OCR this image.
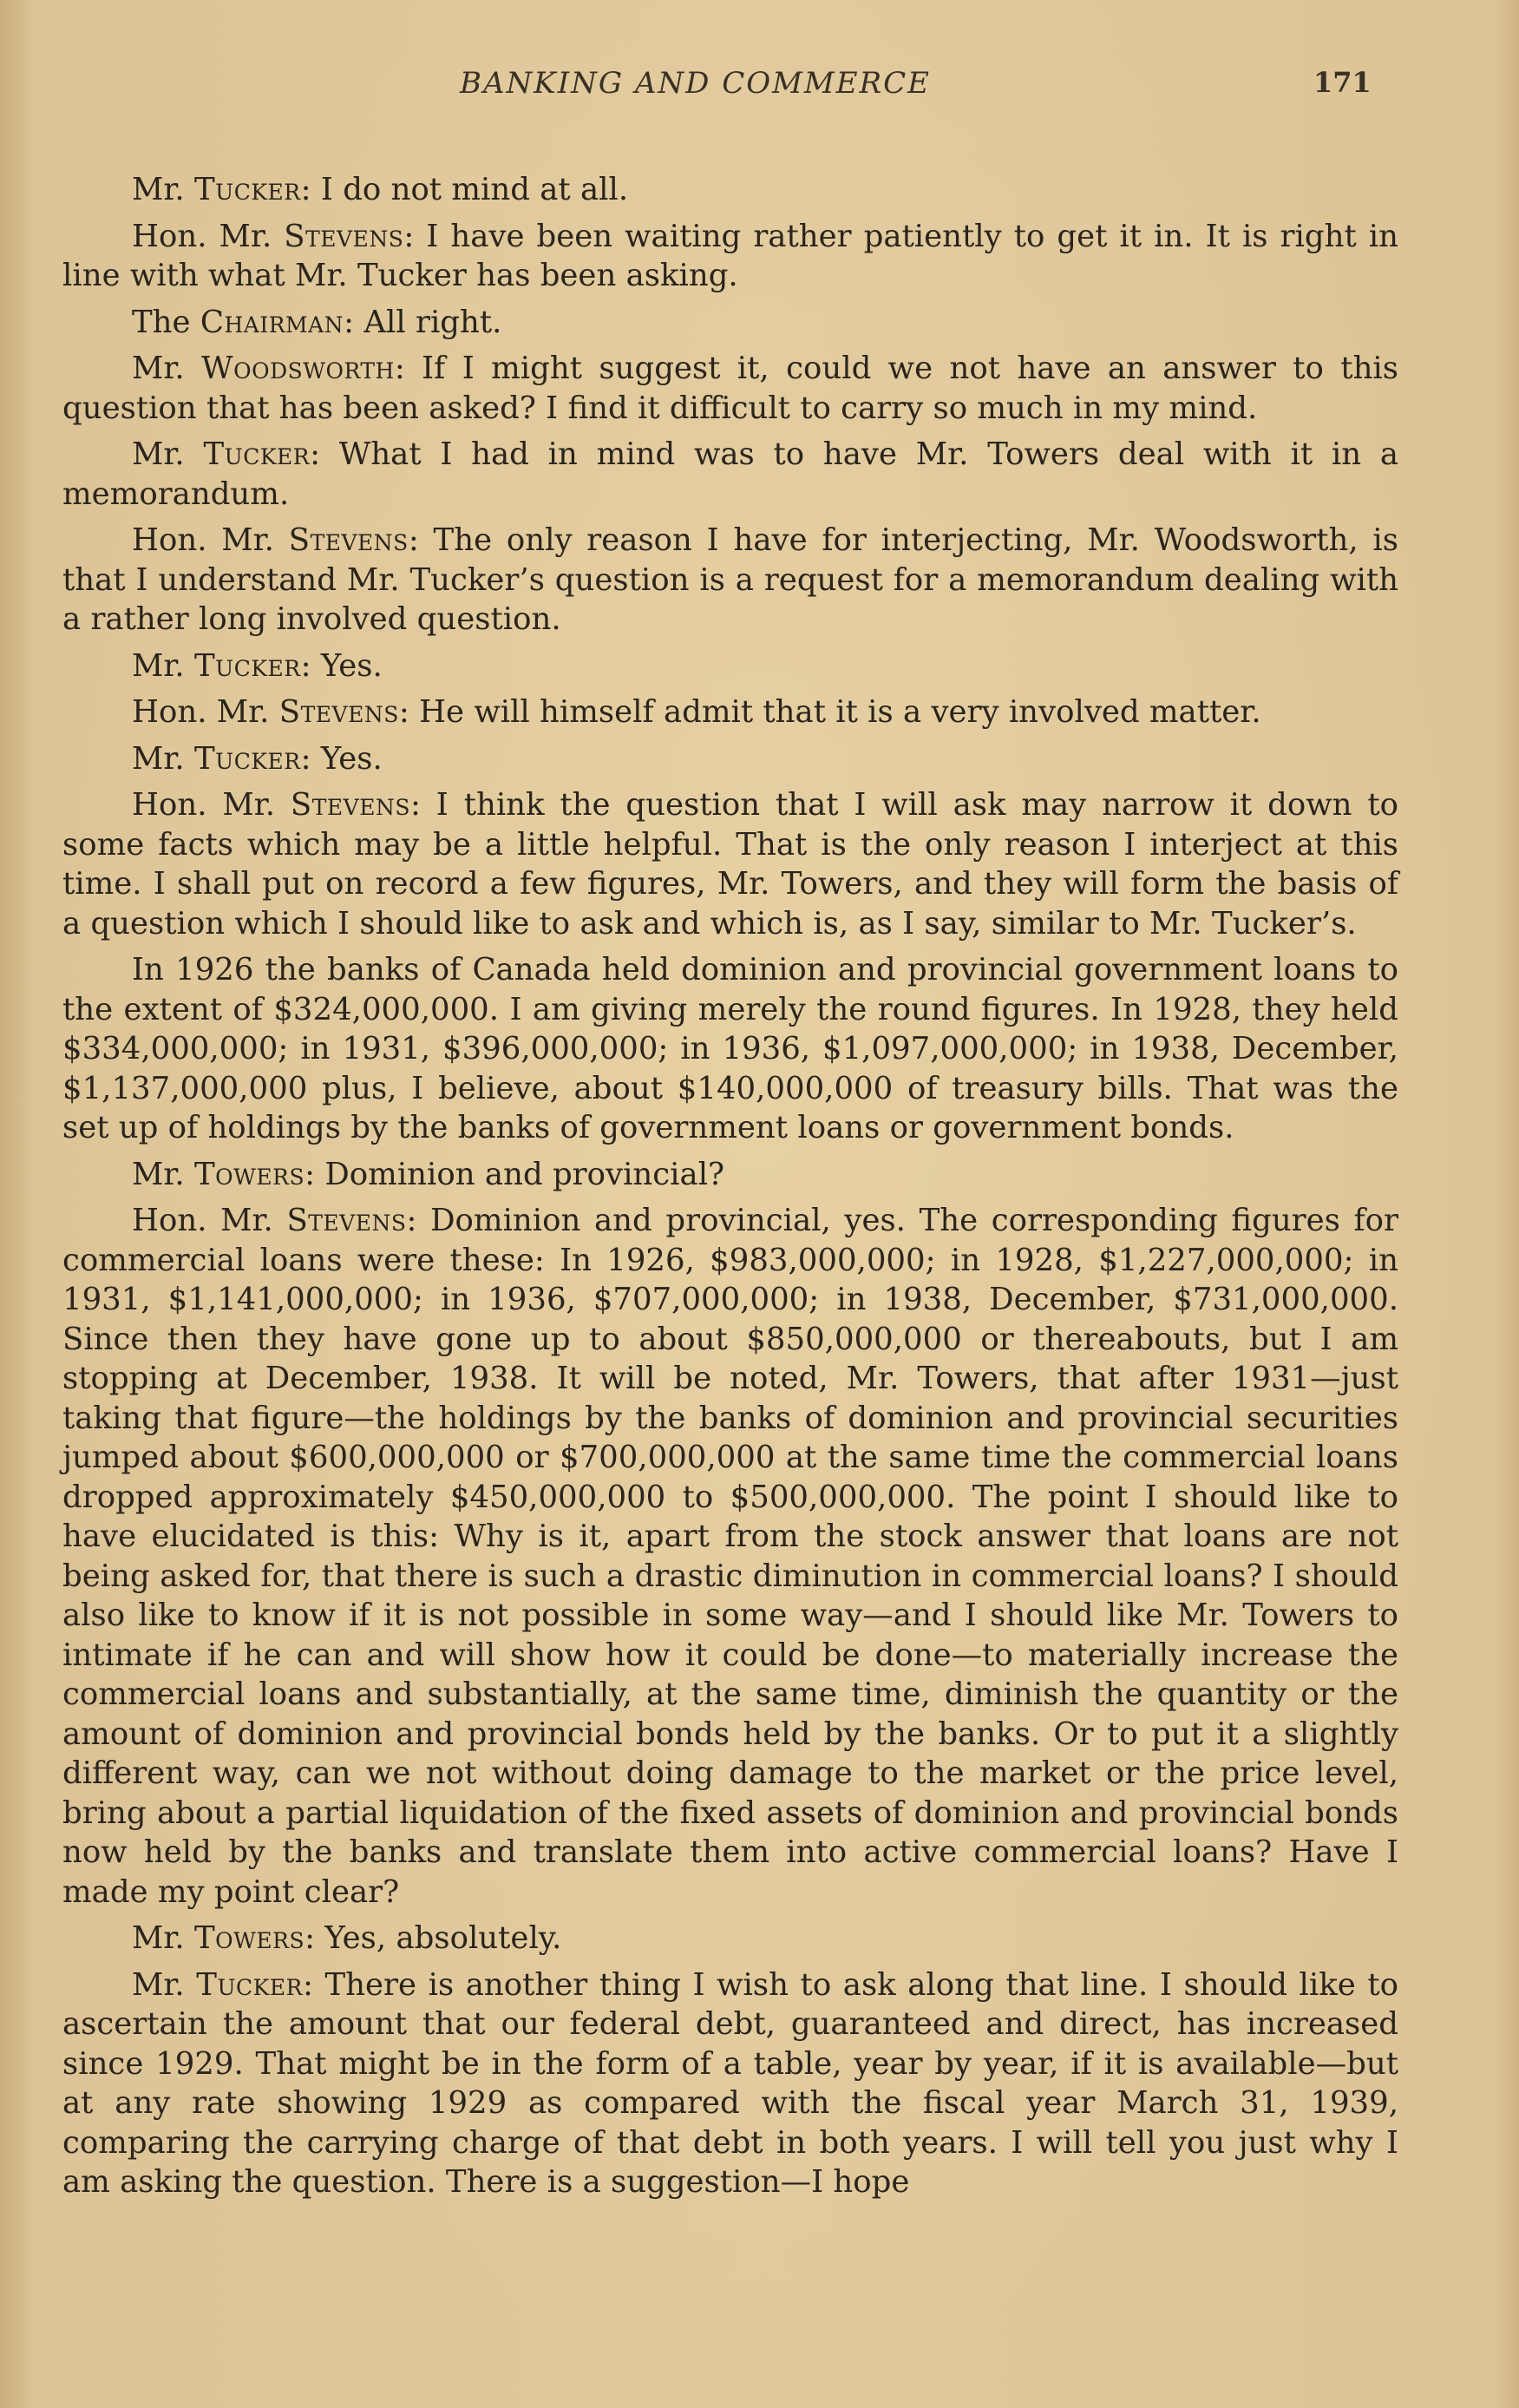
BANKING AND COMMERCE	171

Mr. Tucker: I do not mind at all.

Hon. Mr. Stevens: I have been waiting rather patiently to get it in. It is right in line with what Mr. Tucker has been asking.

The Chairman: All right.

Mr. Woodsworth: If I might suggest it, could we not have an answer to this question that has been asked? I find it difficult to carry so much in my mind.

Mr. Tucker: What I had in mind was to have Mr. Towers deal with it in a memorandum.

Hon. Mr. Stevens: The only reason I have for interjecting, Mr. Woodsworth, is that I understand Mr. Tucker’s question is a request for a memorandum dealing with a rather long involved question.

Mr. Tucker: Yes.

Hon. Mr. Stevens: He will himself admit that it is a very involved matter.

Mr. Tucker: Yes.

Hon. Mr. Stevens: I think the question that I will ask may narrow it down to some facts which may be a little helpful. That is the only reason I interject at this time. I shall put on record a few figures, Mr. Towers, and they will form the basis of a question which I should like to ask and which is, as I say, similar to Mr. Tucker’s.

In 1926 the banks of Canada held dominion and provincial government loans to the extent of $324,000,000. I am giving merely the round figures. In 1928, they held $334,000,000; in 1931, $396,000,000; in 1936, $1,097,000,000; in 1938, December, $1,137,000,000 plus, I believe, about $140,000,000 of treasury bills. That was the set up of holdings by the banks of government loans or government bonds.

Mr. Towers: Dominion and provincial?

Hon. Mr. Stevens: Dominion and provincial, yes. The corresponding figures for commercial loans were these: In 1926, $983,000,000; in 1928, $1,227,000,000; in 1931, $1,141,000,000; in 1936, $707,000,000; in 1938, December, $731,000,000. Since then they have gone up to about $850,000,000 or thereabouts, but I am stopping at December, 1938. It will be noted, Mr. Towers, that after 1931—just taking that figure—the holdings by the banks of dominion and provincial securities jumped about $600,000,000 or $700,000,000 at the same time the commercial loans dropped approximately $450,000,000 to $500,000,000. The point I should like to have elucidated is this: Why is it, apart from the stock answer that loans are not being asked for, that there is such a drastic diminution in commercial loans? I should also like to know if it is not possible in some way—and I should like Mr. Towers to intimate if he can and will show how it could be done—to materially increase the commercial loans and substantially, at the same time, diminish the quantity or the amount of dominion and provincial bonds held by the banks. Or to put it a slightly different way, can we not without doing damage to the market or the price level, bring about a partial liquidation of the fixed assets of dominion and provincial bonds now held by the banks and translate them into active commercial loans? Have I made my point clear?

Mr. Towers: Yes, absolutely.

Mr. Tucker: There is another thing I wish to ask along that line. I should like to ascertain the amount that our federal debt, guaranteed and direct, has increased since 1929. That might be in the form of a table, year by year, if it is available—but at any rate showing 1929 as compared with the fiscal year March 31, 1939, comparing the carrying charge of that debt in both years. I will tell you just why I am asking the question. There is a suggestion—I hope
